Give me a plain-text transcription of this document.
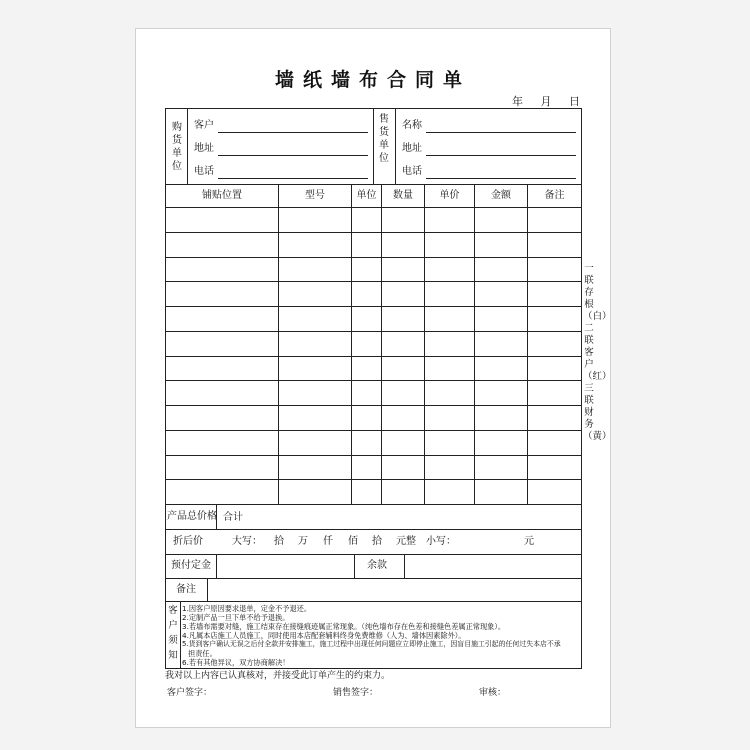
墙纸墙布合同单
年 月 日
购货单位
客户
地址
电话
售货单位
名称
地址
电话
铺贴位置	型号	单位	数量	单价	金额	备注
一联存根（白）二联客户（红）三联财务（黄）
产品总价格 合计
折后价	大写： 拾 万 仟 佰 拾 元整 小写：	元
预付定金	余款
备注
客户须知
1.因客户原因要求退单，定金不予退还。
2.定制产品一旦下单不给予退换。
3.若墙布需要对缝，施工结束存在接缝痕迹属正常现象。（纯色墙布存在色差和接缝色差属正常现象）。
4.凡属本店施工人员施工，同时使用本店配套辅料终身免费维修（人为、墙体因素除外）。
5.货到客户确认无误之后付全款并安排施工，施工过程中出现任何问题应立即停止施工，因盲目施工引起的任何过失本店不承
担责任。
6.若有其他异议，双方协商解决！
我对以上内容已认真核对，并接受此订单产生的约束力。
客户签字：	销售签字：	审核：
